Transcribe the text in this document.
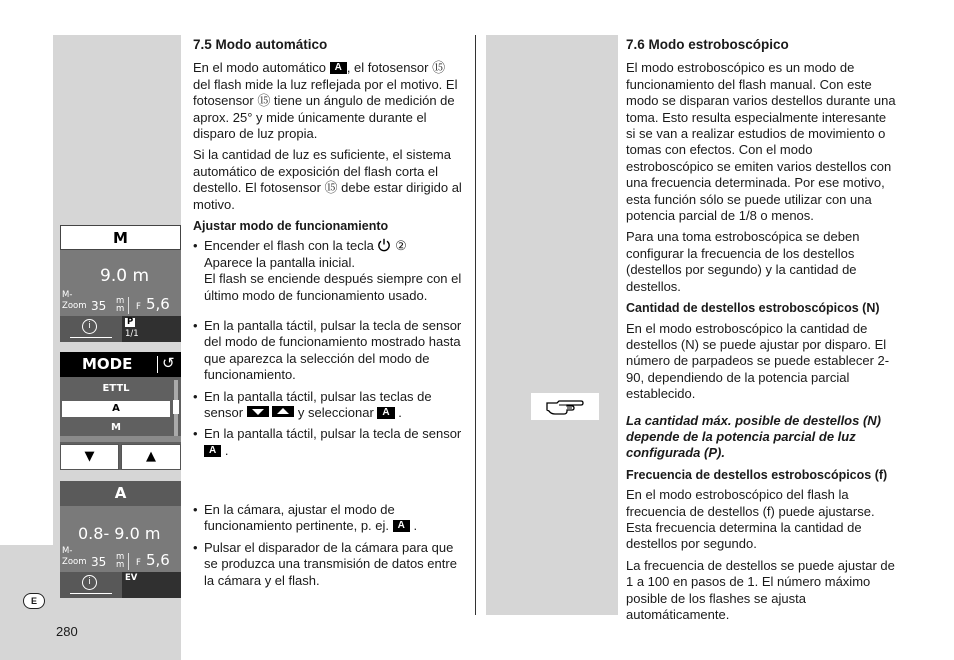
E
280
M
9.0 m
M-
Zoom 35 m
m F 5,6
i	P
1/1
MODE ↺
ETTL
A
M
▼	▲
A
0.8- 9.0 m
M-
Zoom 35 m
m F 5,6
i	EV

7.5 Modo automático

En el modo automático A , el fotosensor ⑮ del flash mide la luz reflejada por el motivo. El fotosensor ⑮ tiene un ángulo de medición de aprox. 25° y mide únicamente durante el disparo de luz propia.

Si la cantidad de luz es suficiente, el sistema automático de exposición del flash corta el destello. El fotosensor ⑮ debe estar dirigido al motivo.

Ajustar modo de funcionamiento

• Encender el flash con la tecla ②
Aparece la pantalla inicial.
El flash se enciende después siempre con el último modo de funcionamiento usado.

• En la pantalla táctil, pulsar la tecla de sensor del modo de funcionamiento mostrado hasta que aparezca la selección del modo de funcionamiento.

• En la pantalla táctil, pulsar las teclas de sensor
	y seleccionar A .

• En la pantalla táctil, pulsar la tecla de sensor A .

• En la cámara, ajustar el modo de funcionamiento pertinente, p. ej. A .

• Pulsar el disparador de la cámara para que se produzca una transmisión de datos entre la cámara y el flash.

7.6 Modo estroboscópico

El modo estroboscópico es un modo de funcionamiento del flash manual. Con este modo se disparan varios destellos durante una toma. Esto resulta especialmente interesante si se van a realizar estudios de movimiento o tomas con efectos. Con el modo estroboscópico se emiten varios destellos con una frecuencia determinada. Por ese motivo, esta función sólo se puede utilizar con una potencia parcial de 1/8 o menos.

Para una toma estroboscópica se deben configurar la frecuencia de los destellos (destellos por segundo) y la cantidad de destellos.

Cantidad de destellos estroboscópicos (N)

En el modo estroboscópico la cantidad de destellos (N) se puede ajustar por disparo. El número de parpadeos se puede establecer 2-90, dependiendo de la potencia parcial establecido.

La cantidad máx. posible de destellos (N) depende de la potencia parcial de luz configurada (P).

Frecuencia de destellos estroboscópicos (f)

En el modo estroboscópico del flash la frecuencia de destellos (f) puede ajustarse. Esta frecuencia determina la cantidad de destellos por segundo.

La frecuencia de destellos se puede ajustar de 1 a 100 en pasos de 1. El número máximo posible de los flashes se ajusta automáticamente.
